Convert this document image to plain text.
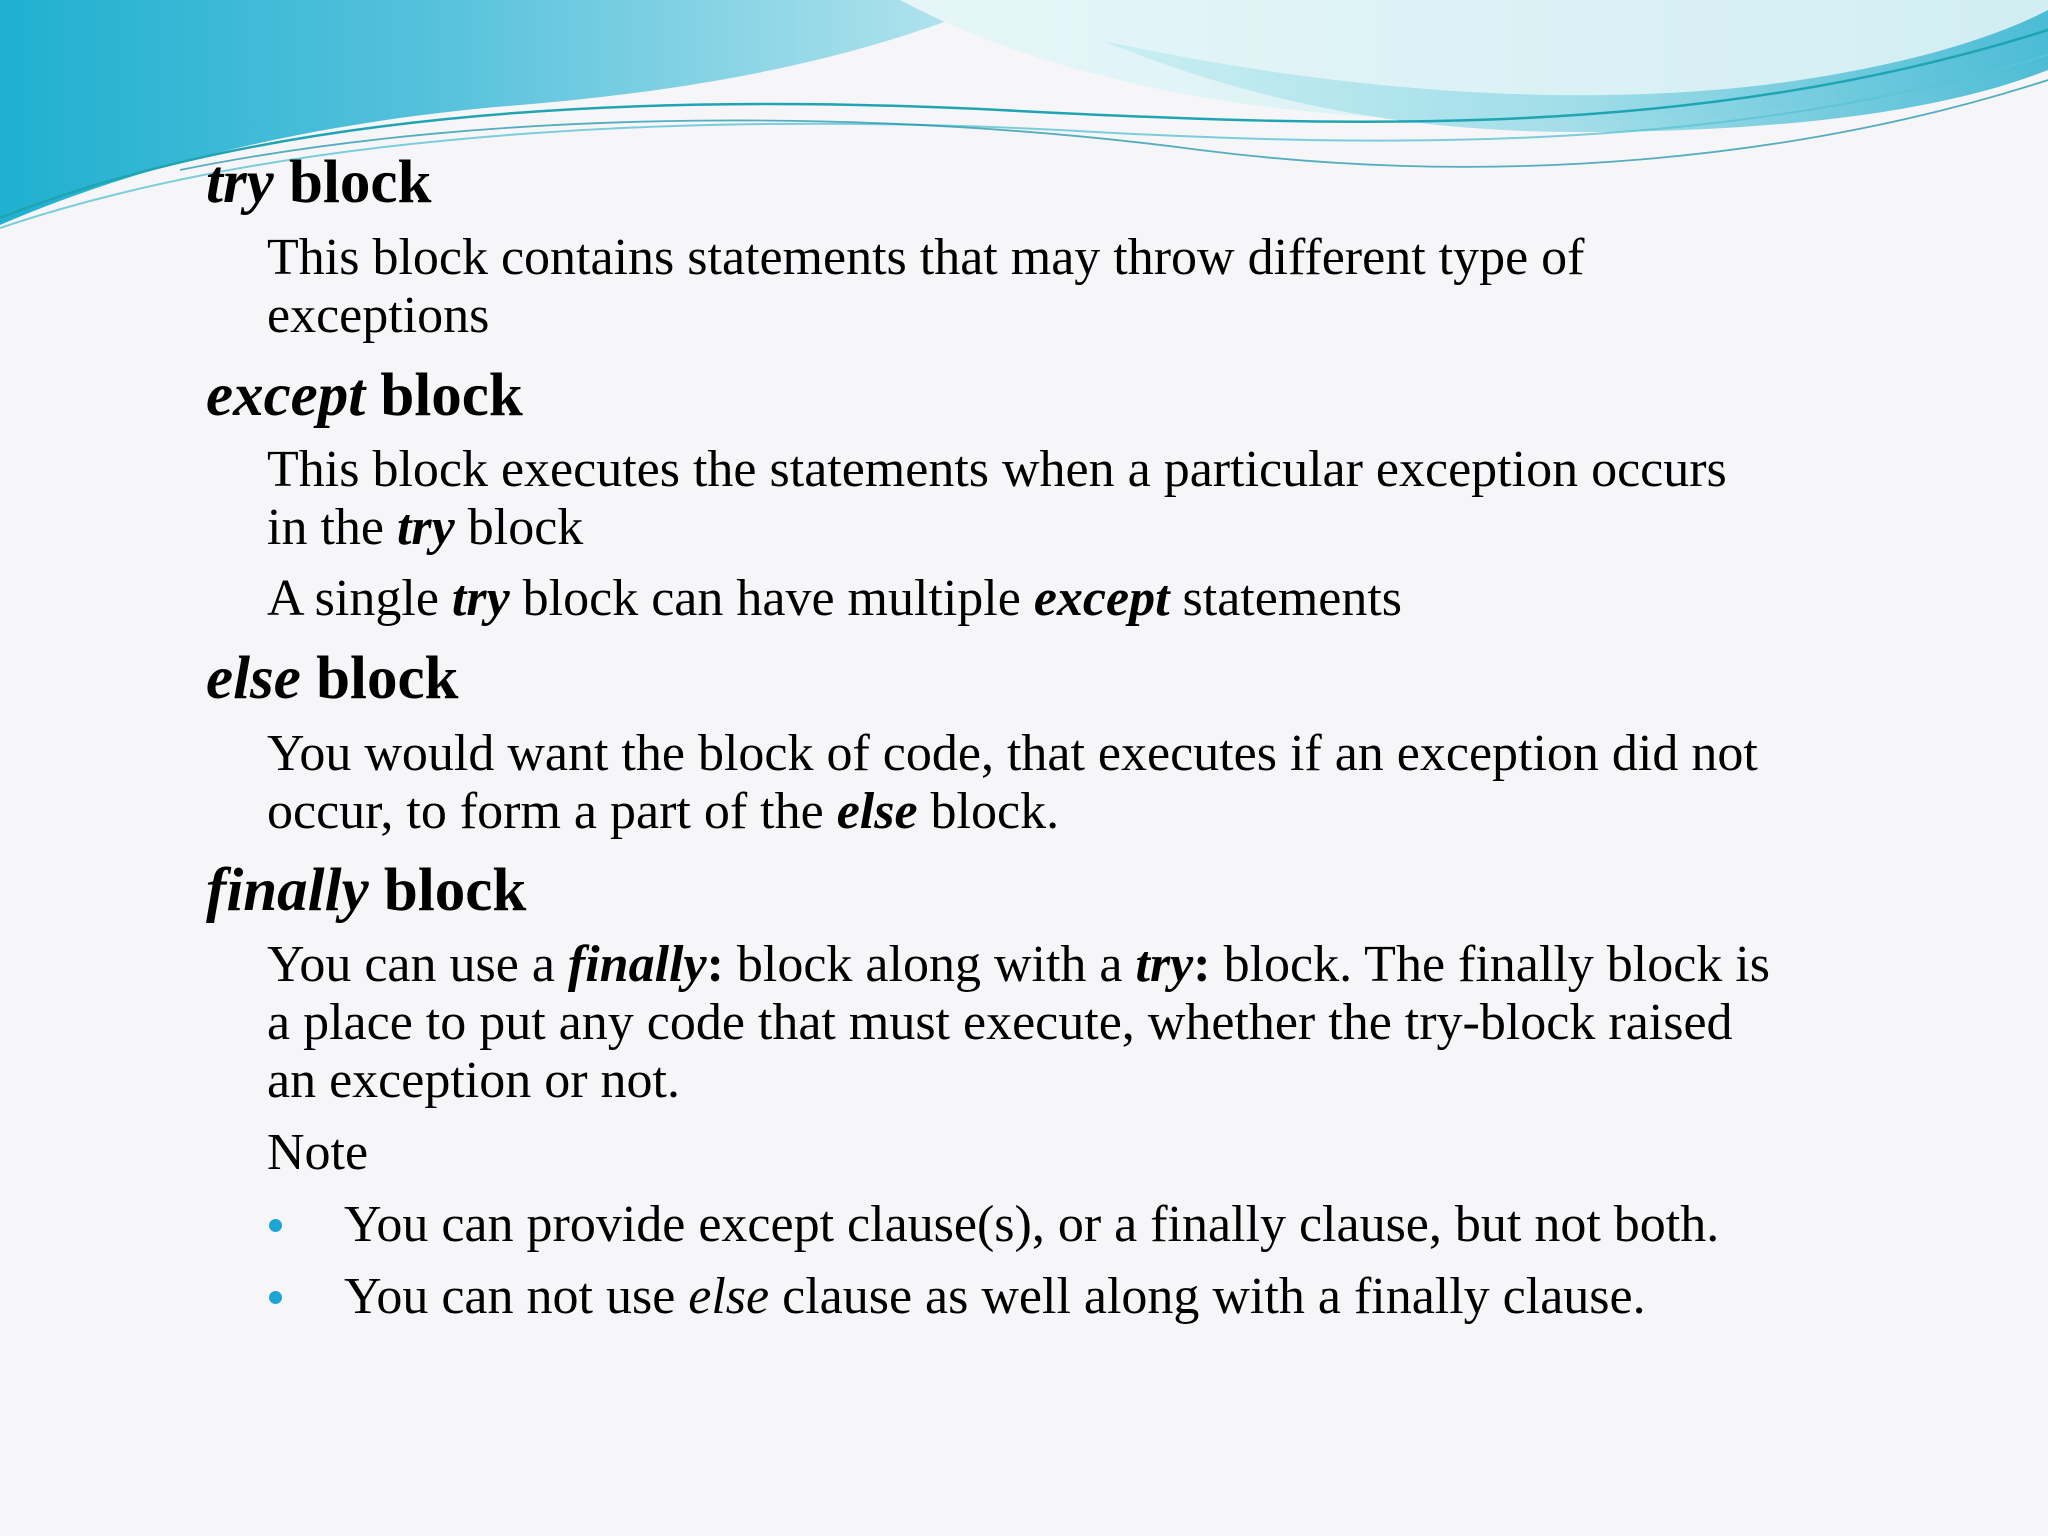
try block
This block contains statements that may throw different type of
exceptions
except block
This block executes the statements when a particular exception occurs
in the try block
A single try block can have multiple except statements
else block
You would want the block of code, that executes if an exception did not
occur, to form a part of the else block.
finally block
You can use a finally: block along with a try: block. The finally block is
a place to put any code that must execute, whether the try-block raised
an exception or not.
Note
You can provide except clause(s), or a finally clause, but not both.
You can not use else clause as well along with a finally clause.
